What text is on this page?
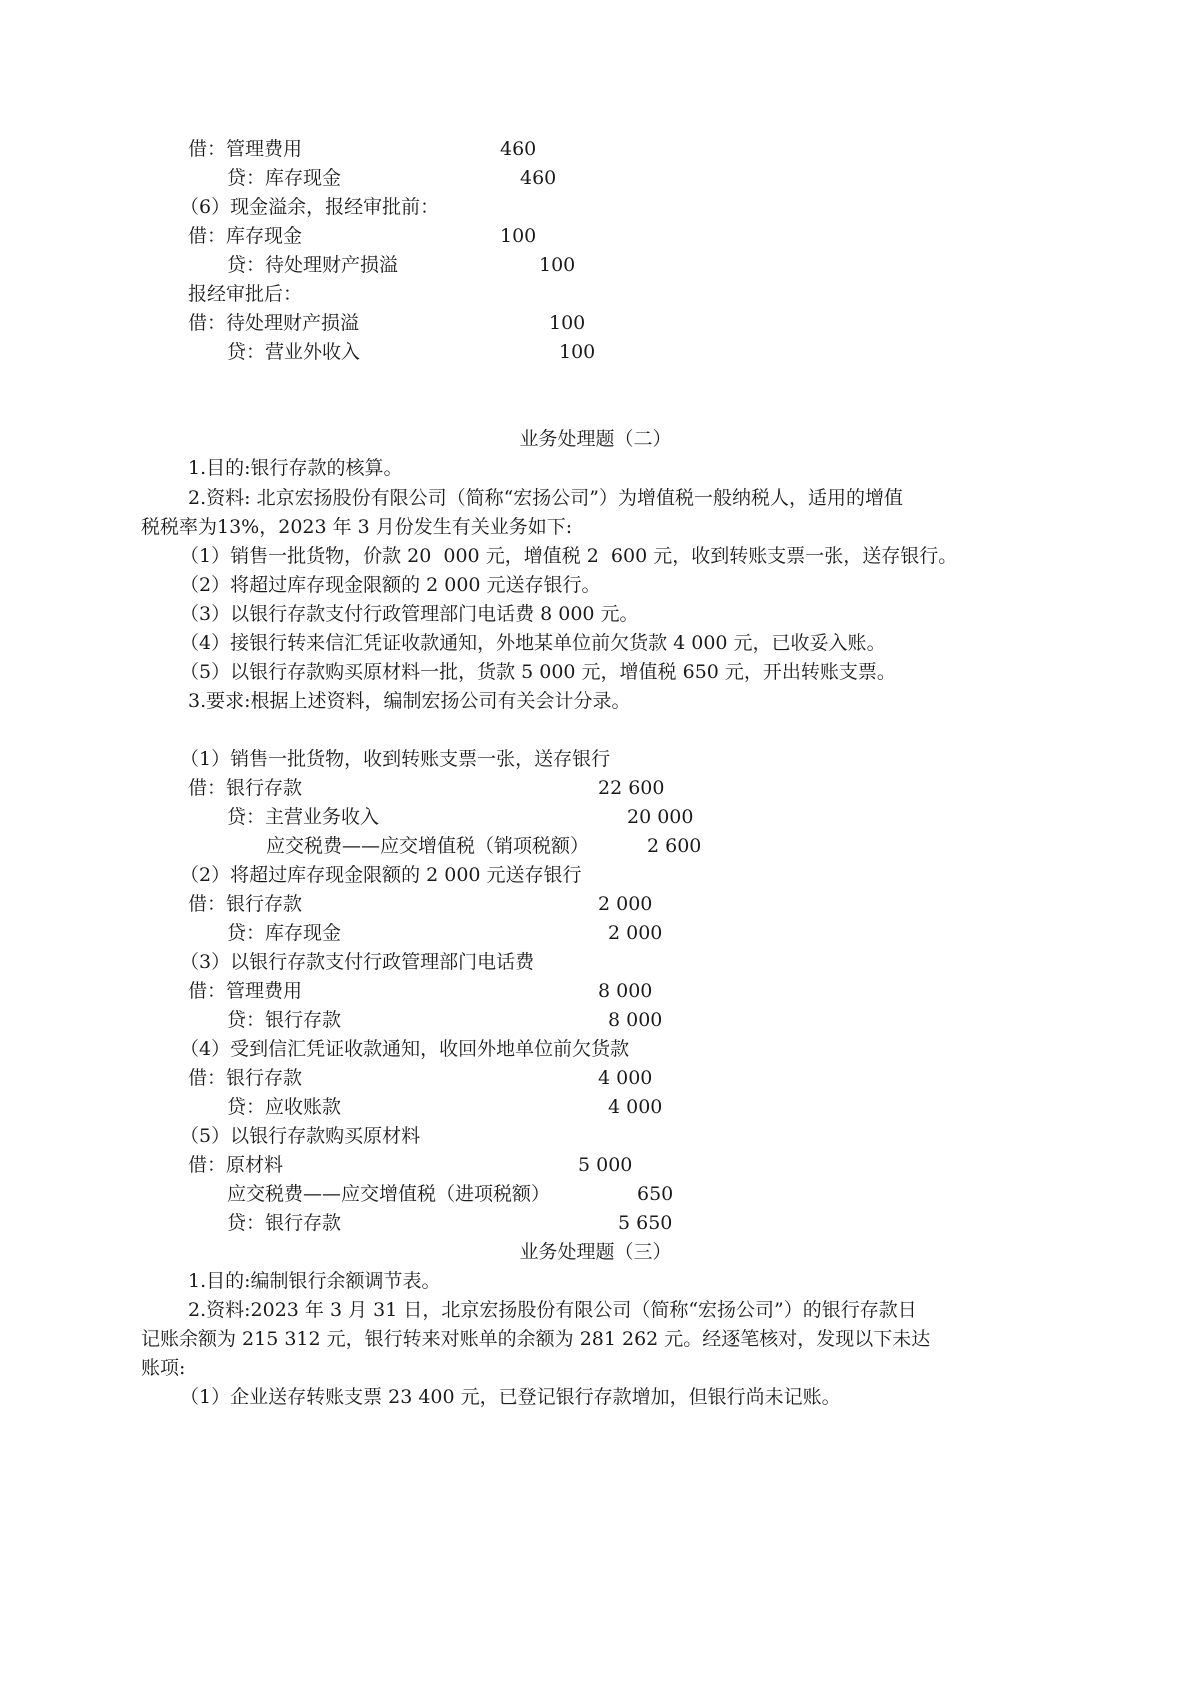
借：管理费用	460
贷：库存现金	460
（6）现金溢余，报经审批前：
借：库存现金	100
贷：待处理财产损溢	100
报经审批后：
借：待处理财产损溢	100
贷：营业外收入	100
业务处理题（二）
1.目的:银行存款的核算。
2.资料: 北京宏扬股份有限公司（简称“宏扬公司”）为增值税一般纳税人，适用的增值
税税率为13%，2023 年 3 月份发生有关业务如下:
（1）销售一批货物，价款 20  000 元，增值税 2  600 元，收到转账支票一张，送存银行。
（2）将超过库存现金限额的 2 000 元送存银行。
（3）以银行存款支付行政管理部门电话费 8 000 元。
（4）接银行转来信汇凭证收款通知，外地某单位前欠货款 4 000 元，已收妥入账。
（5）以银行存款购买原材料一批，货款 5 000 元，增值税 650 元，开出转账支票。
3.要求:根据上述资料，编制宏扬公司有关会计分录。
（1）销售一批货物，收到转账支票一张，送存银行
借：银行存款	22 600
贷：主营业务收入	20 000
应交税费——应交增值税（销项税额）	2 600
（2）将超过库存现金限额的 2 000 元送存银行
借：银行存款	2 000
贷：库存现金	2 000
（3）以银行存款支付行政管理部门电话费
借：管理费用	8 000
贷：银行存款	8 000
（4）受到信汇凭证收款通知，收回外地单位前欠货款
借：银行存款	4 000
贷：应收账款	4 000
（5）以银行存款购买原材料
借：原材料	5 000
应交税费——应交增值税（进项税额）	650
贷：银行存款	5 650
业务处理题（三）
1.目的:编制银行余额调节表。
2.资料:2023 年 3 月 31 日，北京宏扬股份有限公司（简称“宏扬公司”）的银行存款日
记账余额为 215 312 元，银行转来对账单的余额为 281 262 元。经逐笔核对，发现以下未达
账项:
（1）企业送存转账支票 23 400 元，已登记银行存款增加，但银行尚未记账。
